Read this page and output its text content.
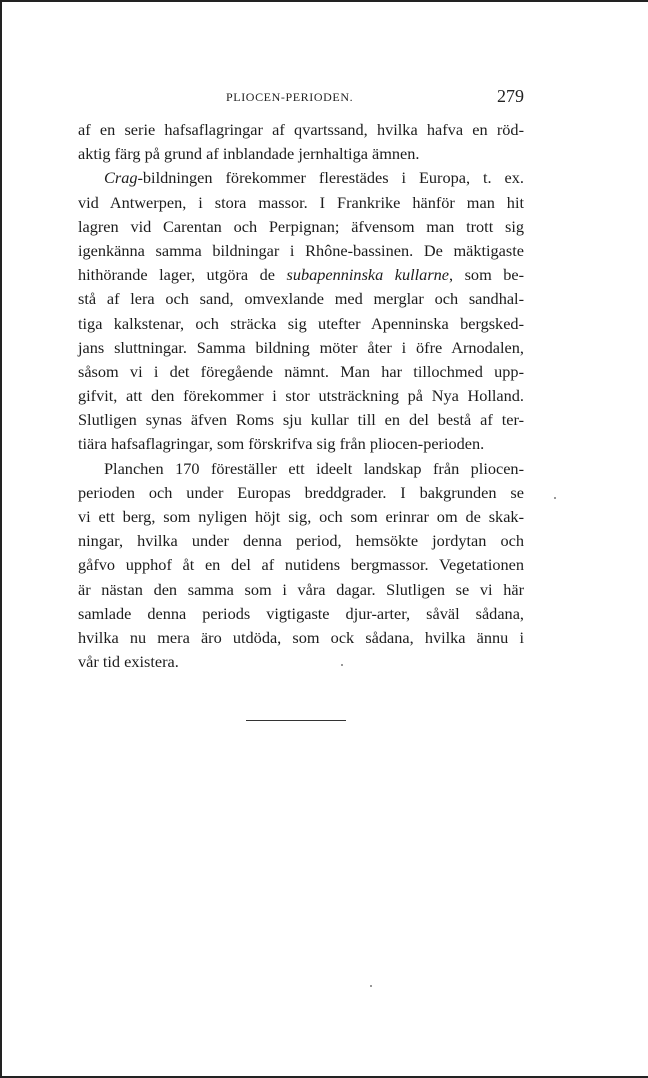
PLIOCEN-PERIODEN.	279

af en serie hafsaflagringar af qvartssand, hvilka hafva en röd-
aktig färg på grund af inblandade jernhaltiga ämnen.

Crag-bildningen förekommer flerestädes i Europa, t. ex.
vid Antwerpen, i stora massor. I Frankrike hänför man hit
lagren vid Carentan och Perpignan; äfvensom man trott sig
igenkänna samma bildningar i Rhône-bassinen. De mäktigaste
hithörande lager, utgöra de subapenninska kullarne, som be-
stå af lera och sand, omvexlande med merglar och sandhal-
tiga kalkstenar, och sträcka sig utefter Apenninska bergsked-
jans sluttningar. Samma bildning möter åter i öfre Arnodalen,
såsom vi i det föregående nämnt. Man har tillochmed upp-
gifvit, att den förekommer i stor utsträckning på Nya Holland.
Slutligen synas äfven Roms sju kullar till en del bestå af ter-
tiära hafsaflagringar, som förskrifva sig från pliocen-perioden.

Planchen 170 föreställer ett ideelt landskap från pliocen-
perioden och under Europas breddgrader. I bakgrunden se
vi ett berg, som nyligen höjt sig, och som erinrar om de skak-
ningar, hvilka under denna period, hemsökte jordytan och
gåfvo upphof åt en del af nutidens bergmassor. Vegetationen
är nästan den samma som i våra dagar. Slutligen se vi här
samlade denna periods vigtigaste djur-arter, såväl sådana,
hvilka nu mera äro utdöda, som ock sådana, hvilka ännu i
vår tid existera.
